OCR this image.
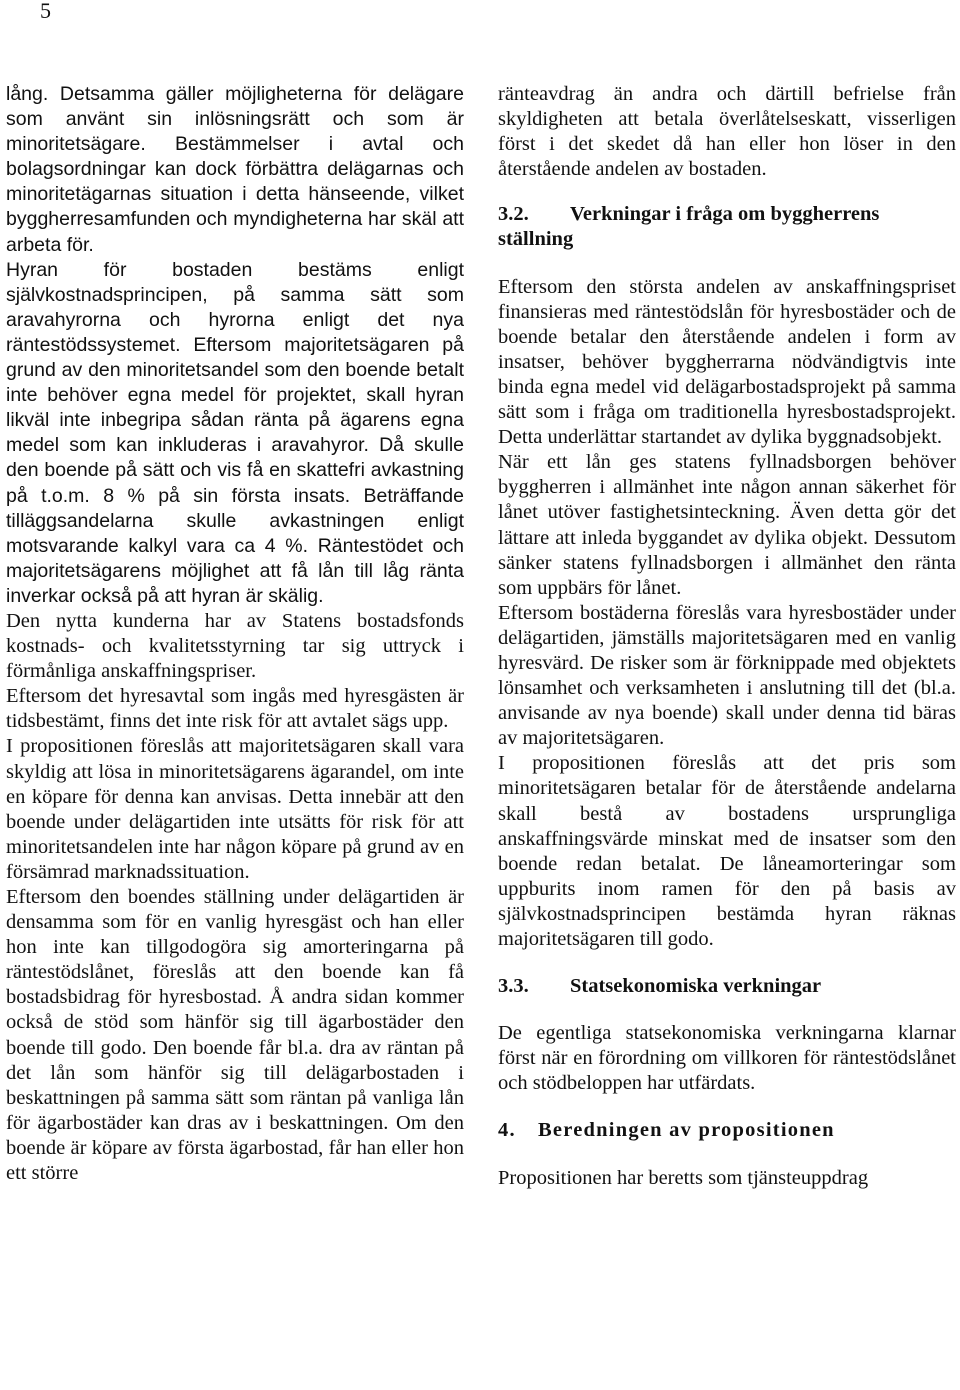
5

lång. Detsamma gäller möjligheterna för delägare som använt sin inlösningsrätt och som är minoritetsägare. Bestämmelser i avtal och bolagsordningar kan dock förbättra delägarnas och minoritetägarnas situation i detta hänseende, vilket byggherresamfunden och myndigheterna har skäl att arbeta för.

Hyran för bostaden bestäms enligt självkostnadsprincipen, på samma sätt som aravahyrorna och hyrorna enligt det nya räntestödssystemet. Eftersom majoritetsägaren på grund av den minoritetsandel som den boende betalt inte behöver egna medel för projektet, skall hyran likväl inte inbegripa sådan ränta på ägarens egna medel som kan inkluderas i aravahyror. Då skulle den boende på sätt och vis få en skattefri avkastning på t.o.m. 8 % på sin första insats. Beträffande tilläggsandelarna skulle avkastningen enligt motsvarande kalkyl vara ca 4 %. Räntestödet och majoritetsägarens möjlighet att få lån till låg ränta inverkar också på att hyran är skälig.

Den nytta kunderna har av Statens bostadsfonds kostnads- och kvalitetsstyrning tar sig uttryck i förmånliga anskaffningspriser.

Eftersom det hyresavtal som ingås med hyresgästen är tidsbestämt, finns det inte risk för att avtalet sägs upp.

I propositionen föreslås att majoritetsägaren skall vara skyldig att lösa in minoritetsägarens ägarandel, om inte en köpare för denna kan anvisas. Detta innebär att den boende under delägartiden inte utsätts för risk för att minoritetsandelen inte har någon köpare på grund av en försämrad marknadssituation.

Eftersom den boendes ställning under delägartiden är densamma som för en vanlig hyresgäst och han eller hon inte kan tillgodogöra sig amorteringarna på räntestödslånet, föreslås att den boende kan få bostadsbidrag för hyresbostad. Å andra sidan kommer också de stöd som hänför sig till ägarbostäder den boende till godo. Den boende får bl.a. dra av räntan på det lån som hänför sig till delägarbostaden i beskattningen på samma sätt som räntan på vanliga lån för ägarbostäder kan dras av i beskattningen. Om den boende är köpare av första ägarbostad, får han eller hon ett större

ränteavdrag än andra och därtill befrielse från skyldigheten att betala överlåtelseskatt, visserligen först i det skedet då han eller hon löser in den återstående andelen av bostaden.

3.2. Verkningar i fråga om byggherrens ställning

Eftersom den största andelen av anskaffningspriset finansieras med räntestödslån för hyresbostäder och de boende betalar den återstående andelen i form av insatser, behöver byggherrarna nödvändigtvis inte binda egna medel vid delägarbostadsprojekt på samma sätt som i fråga om traditionella hyresbostadsprojekt. Detta underlättar startandet av dylika byggnadsobjekt.

När ett lån ges statens fyllnadsborgen behöver byggherren i allmänhet inte någon annan säkerhet för lånet utöver fastighetsinteckning. Även detta gör det lättare att inleda byggandet av dylika objekt. Dessutom sänker statens fyllnadsborgen i allmänhet den ränta som uppbärs för lånet.

Eftersom bostäderna föreslås vara hyresbostäder under delägartiden, jämställs majoritetsägaren med en vanlig hyresvärd. De risker som är förknippade med objektets lönsamhet och verksamheten i anslutning till det (bl.a. anvisande av nya boende) skall under denna tid bäras av majoritetsägaren.

I propositionen föreslås att det pris som minoritetsägaren betalar för de återstående andelarna skall bestå av bostadens ursprungliga anskaffningsvärde minskat med de insatser som den boende redan betalat. De låneamorteringar som uppburits inom ramen för den på basis av självkostnadsprincipen bestämda hyran räknas majoritetsägaren till godo.

3.3. Statsekonomiska verkningar

De egentliga statsekonomiska verkningarna klarnar först när en förordning om villkoren för räntestödslånet och stödbeloppen har utfärdats.

4. Beredningen av propositionen

Propositionen har beretts som tjänsteuppdrag
